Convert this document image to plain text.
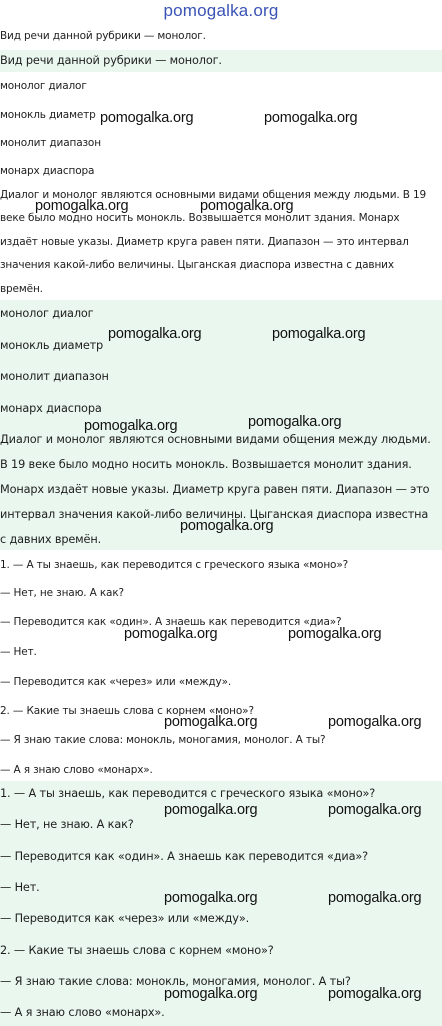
pomogalka.org
Вид речи данной рубрики — монолог.
Вид речи данной рубрики — монолог.
монолог диалог
монокль диаметр
монолит диапазон
монарх диаспора
Диалог и монолог являются основными видами общения между людьми. В 19
веке было модно носить монокль. Возвышается монолит здания. Монарх
издаёт новые указы. Диаметр круга равен пяти. Диапазон — это интервал
значения какой-либо величины. Цыганская диаспора известна с давних
времён.
монолог диалог
монокль диаметр
монолит диапазон
монарх диаспора
Диалог и монолог являются основными видами общения между людьми.
В 19 веке было модно носить монокль. Возвышается монолит здания.
Монарх издаёт новые указы. Диаметр круга равен пяти. Диапазон — это
интервал значения какой-либо величины. Цыганская диаспора известна
с давних времён.
1. — А ты знаешь, как переводится с греческого языка «моно»?
— Нет, не знаю. А как?
— Переводится как «один». А знаешь как переводится «диа»?
— Нет.
— Переводится как «через» или «между».
2. — Какие ты знаешь слова с корнем «моно»?
— Я знаю такие слова: монокль, моногамия, монолог. А ты?
— А я знаю слово «монарх».
1. — А ты знаешь, как переводится с греческого языка «моно»?
— Нет, не знаю. А как?
— Переводится как «один». А знаешь как переводится «диа»?
— Нет.
— Переводится как «через» или «между».
2. — Какие ты знаешь слова с корнем «моно»?
— Я знаю такие слова: монокль, моногамия, монолог. А ты?
— А я знаю слово «монарх».
pomogalka.org	pomogalka.org
pomogalka.org	pomogalka.org
pomogalka.org	pomogalka.org
pomogalka.org	pomogalka.org
pomogalka.org
pomogalka.org	pomogalka.org
pomogalka.org	pomogalka.org
pomogalka.org	pomogalka.org
pomogalka.org	pomogalka.org
pomogalka.org	pomogalka.org
